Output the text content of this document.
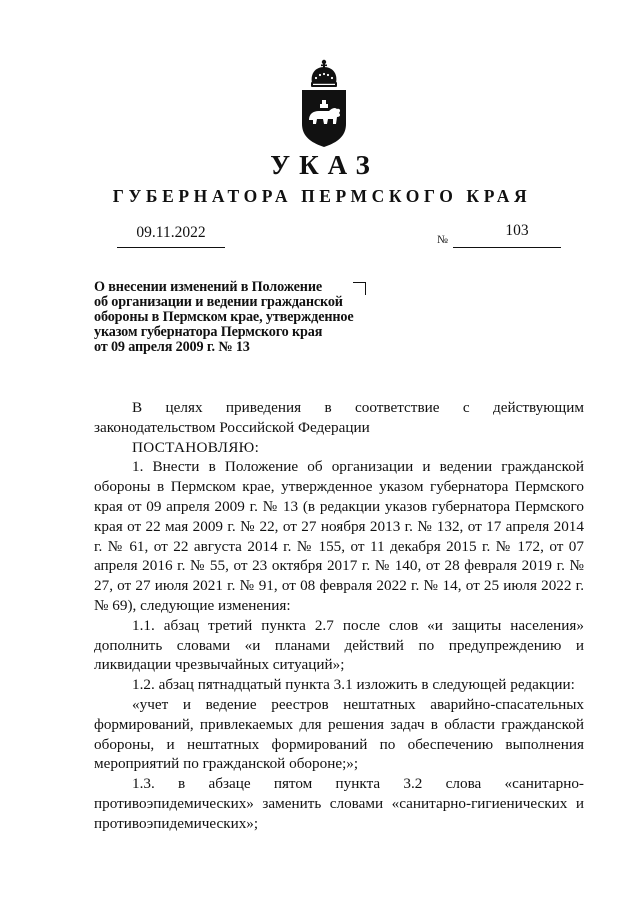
УКАЗ
ГУБЕРНАТОРА ПЕРМСКОГО КРАЯ
09.11.2022	№
103
О внесении изменений в Положение
об организации и ведении гражданской
обороны в Пермском крае, утвержденное
указом губернатора Пермского края
от 09 апреля 2009 г. № 13

В целях приведения в соответствие с действующим законодательством Российской Федерации

ПОСТАНОВЛЯЮ:

1. Внести в Положение об организации и ведении гражданской обороны в Пермском крае, утвержденное указом губернатора Пермского края от 09 апреля 2009 г. № 13 (в редакции указов губернатора Пермского края от 22 мая 2009 г. № 22, от 27 ноября 2013 г. № 132, от 17 апреля 2014 г. № 61, от 22 августа 2014 г. № 155, от 11 декабря 2015 г. № 172, от 07 апреля 2016 г. № 55, от 23 октября 2017 г. № 140, от 28 февраля 2019 г. № 27, от 27 июля 2021 г. № 91, от 08 февраля 2022 г. № 14, от 25 июля 2022 г. № 69), следующие изменения:

1.1. абзац третий пункта 2.7 после слов «и защиты населения» дополнить словами «и планами действий по предупреждению и ликвидации чрезвычайных ситуаций»;

1.2. абзац пятнадцатый пункта 3.1 изложить в следующей редакции:

«учет и ведение реестров нештатных аварийно-спасательных формирований, привлекаемых для решения задач в области гражданской обороны, и нештатных формирований по обеспечению выполнения мероприятий по гражданской обороне;»;

1.3. в абзаце пятом пункта 3.2 слова «санитарно-противоэпидемических» заменить словами «санитарно-гигиенических и противоэпидемических»;
